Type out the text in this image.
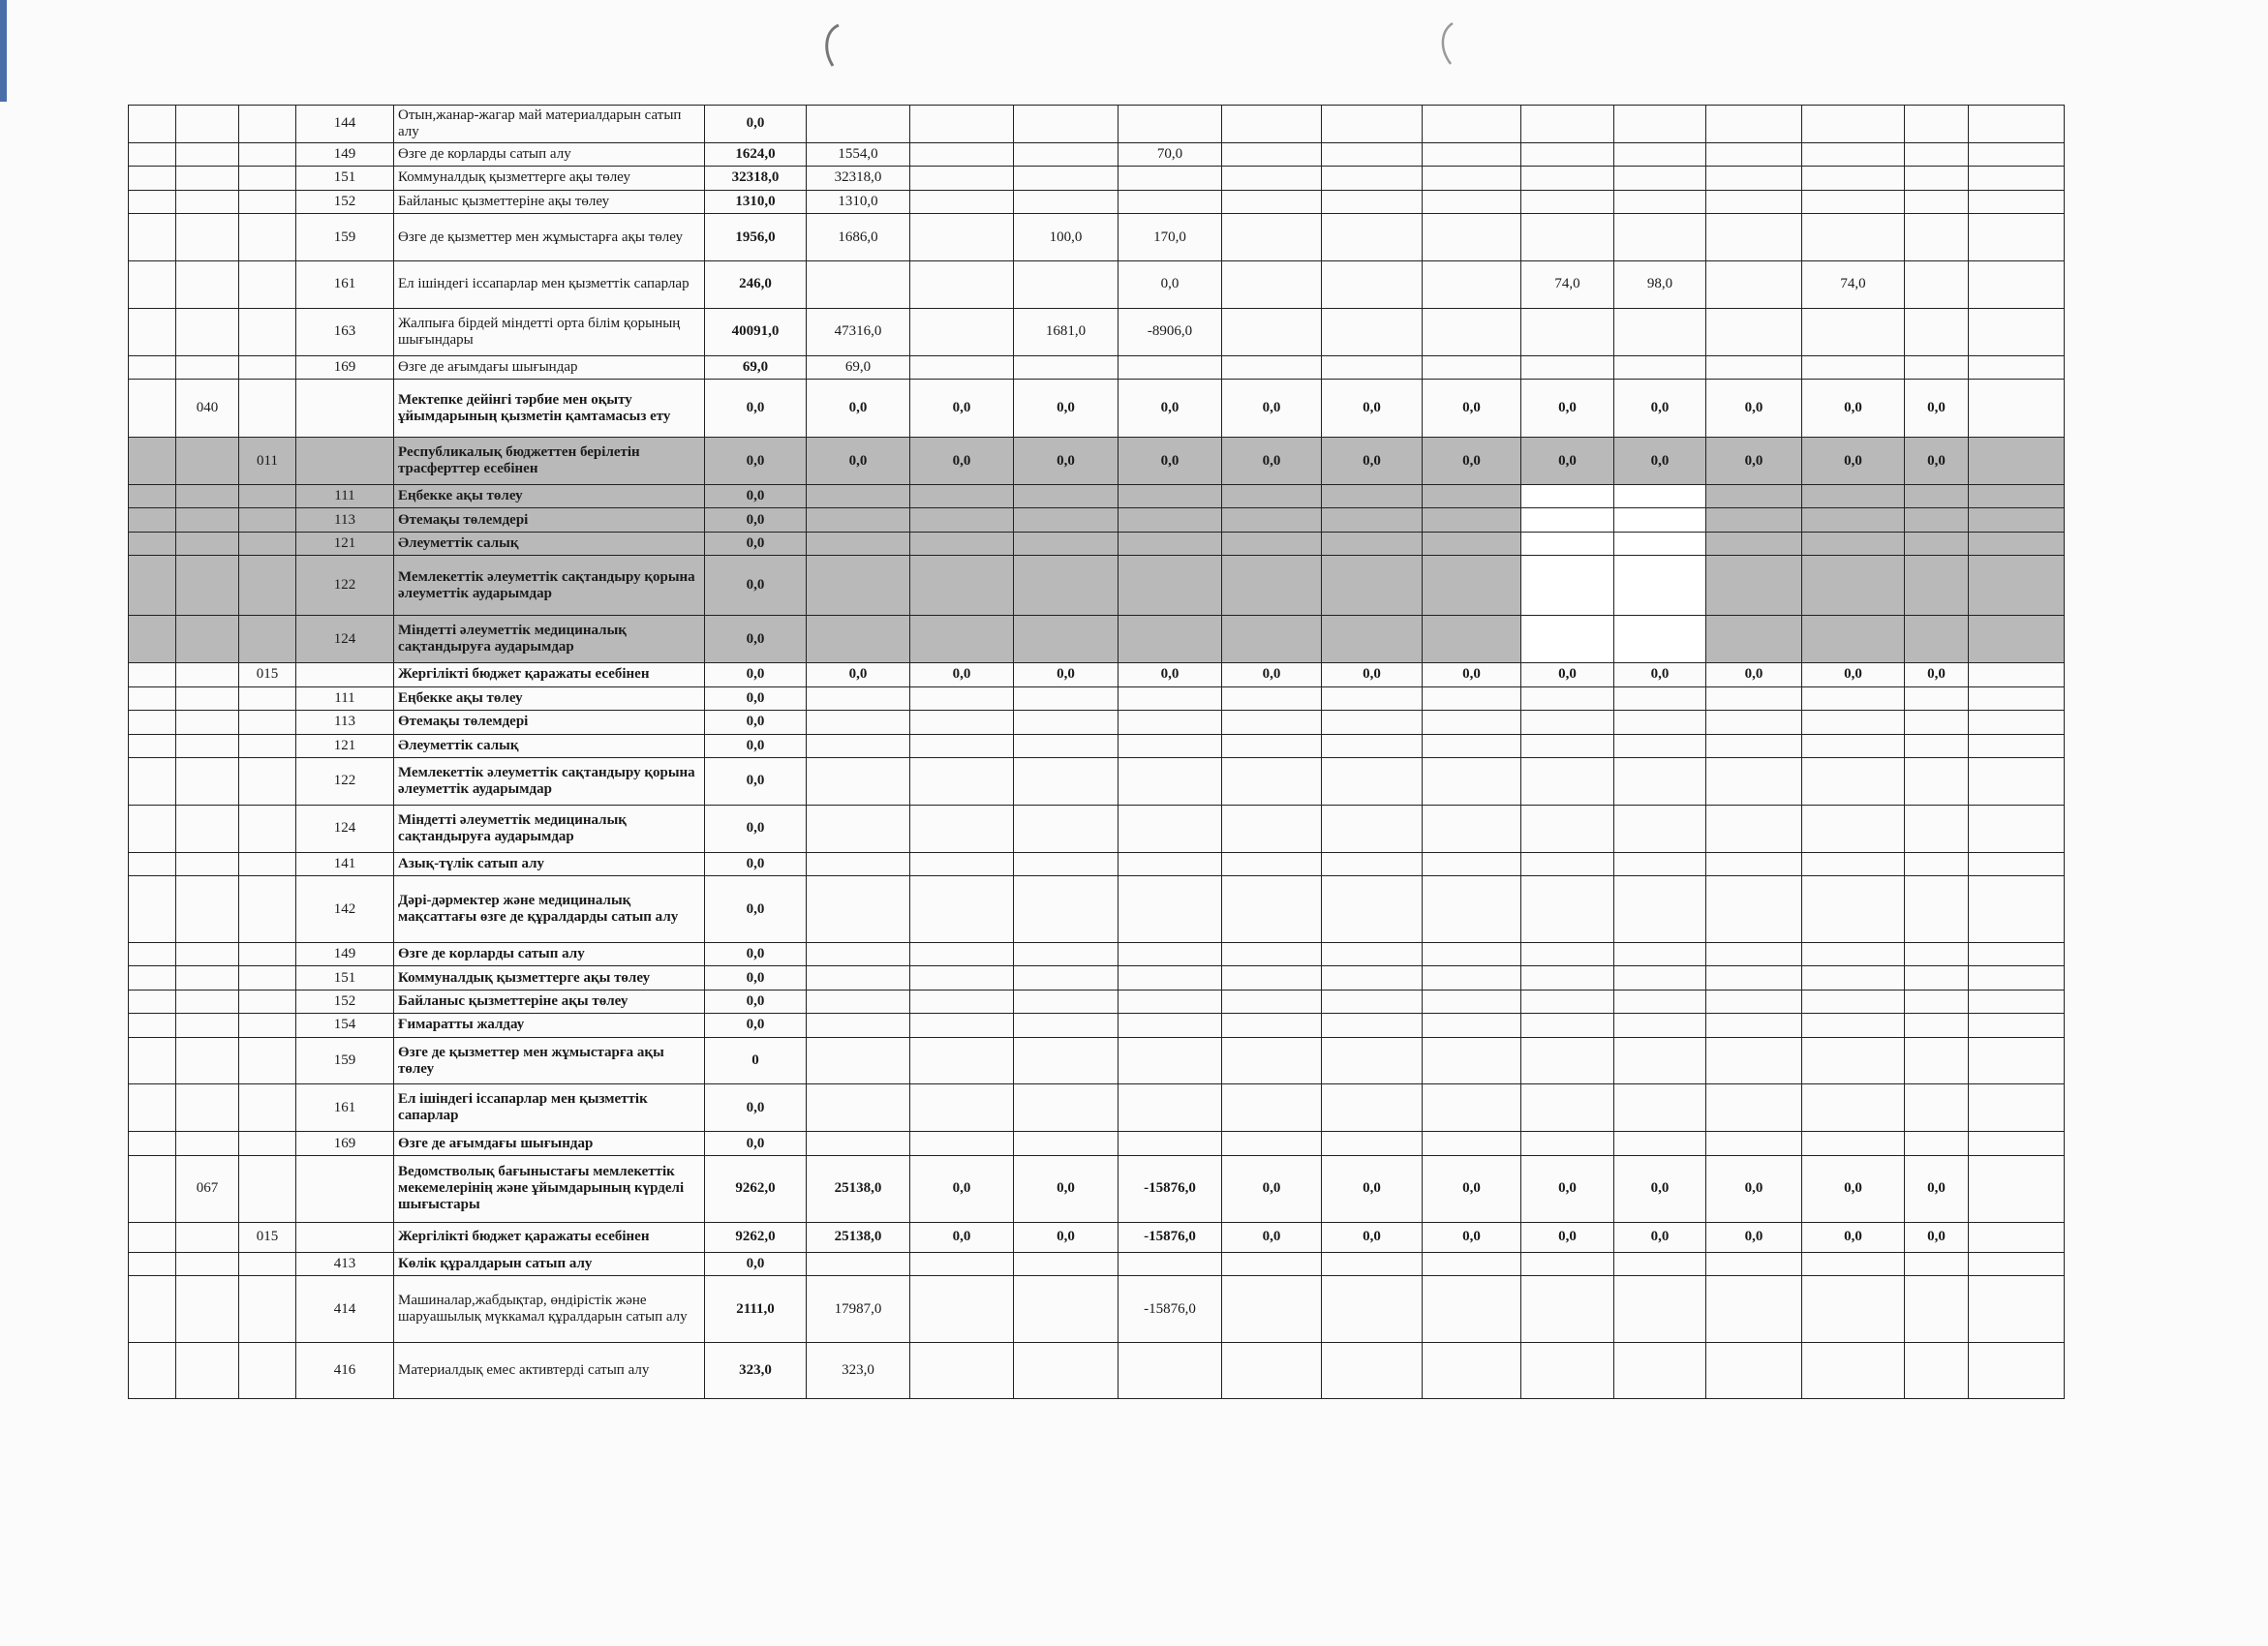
			144	Отын,жанар-жагар май материалдарын сатып алу	0,0													
			149	Өзге де корларды сатып алу	1624,0	1554,0			70,0									
			151	Коммуналдық қызметтерге ақы төлеу	32318,0	32318,0												
			152	Байланыс қызметтеріне ақы төлеу	1310,0	1310,0												
			159	Өзге де қызметтер мен жұмыстарға ақы төлеу	1956,0	1686,0		100,0	170,0									
			161	Ел ішіндегі іссапарлар мен қызметтік сапарлар	246,0				0,0				74,0	98,0		74,0		
			163	Жалпыға бірдей міндетті орта білім қорының шығындары	40091,0	47316,0		1681,0	-8906,0									
			169	Өзге де ағымдағы шығындар	69,0	69,0												
	040			Мектепке дейінгі тәрбие мен оқыту ұйымдарының қызметін қамтамасыз ету	0,0	0,0	0,0	0,0	0,0	0,0	0,0	0,0	0,0	0,0	0,0	0,0	0,0	
		011		Республикалық бюджеттен берілетін трасферттер есебінен	0,0	0,0	0,0	0,0	0,0	0,0	0,0	0,0	0,0	0,0	0,0	0,0	0,0	
			111	Еңбекке ақы төлеу	0,0													
			113	Өтемақы төлемдері	0,0													
			121	Әлеуметтік салық	0,0													
			122	Мемлекеттік әлеуметтік сақтандыру қорына әлеуметтік аударымдар	0,0													
			124	Міндетті әлеуметтік медициналық сақтандыруға аударымдар	0,0													
		015		Жергілікті бюджет қаражаты есебінен	0,0	0,0	0,0	0,0	0,0	0,0	0,0	0,0	0,0	0,0	0,0	0,0	0,0	
			111	Еңбекке ақы төлеу	0,0													
			113	Өтемақы төлемдері	0,0													
			121	Әлеуметтік салық	0,0													
			122	Мемлекеттік әлеуметтік сақтандыру қорына әлеуметтік аударымдар	0,0													
			124	Міндетті әлеуметтік медициналық сақтандыруға аударымдар	0,0													
			141	Азық-түлік сатып алу	0,0													
			142	Дәрі-дәрмектер және медициналық мақсаттағы өзге де құралдарды сатып алу	0,0													
			149	Өзге де корларды сатып алу	0,0													
			151	Коммуналдық қызметтерге ақы төлеу	0,0													
			152	Байланыс қызметтеріне ақы төлеу	0,0													
			154	Ғимаратты жалдау	0,0													
			159	Өзге де қызметтер мен жұмыстарға ақы төлеу	0													
			161	Ел ішіндегі іссапарлар мен қызметтік сапарлар	0,0													
			169	Өзге де ағымдағы шығындар	0,0													
	067			Ведомстволық бағыныстағы мемлекеттік мекемелерінің және ұйымдарының күрделі шығыстары	9262,0	25138,0	0,0	0,0	-15876,0	0,0	0,0	0,0	0,0	0,0	0,0	0,0	0,0	
		015		Жергілікті бюджет қаражаты есебінен	9262,0	25138,0	0,0	0,0	-15876,0	0,0	0,0	0,0	0,0	0,0	0,0	0,0	0,0	
			413	Көлік құралдарын сатып алу	0,0													
			414	Машиналар,жабдықтар, өндірістік және шаруашылық мүккамал құралдарын сатып алу	2111,0	17987,0			-15876,0									
			416	Материалдық емес активтерді сатып алу	323,0	323,0												
